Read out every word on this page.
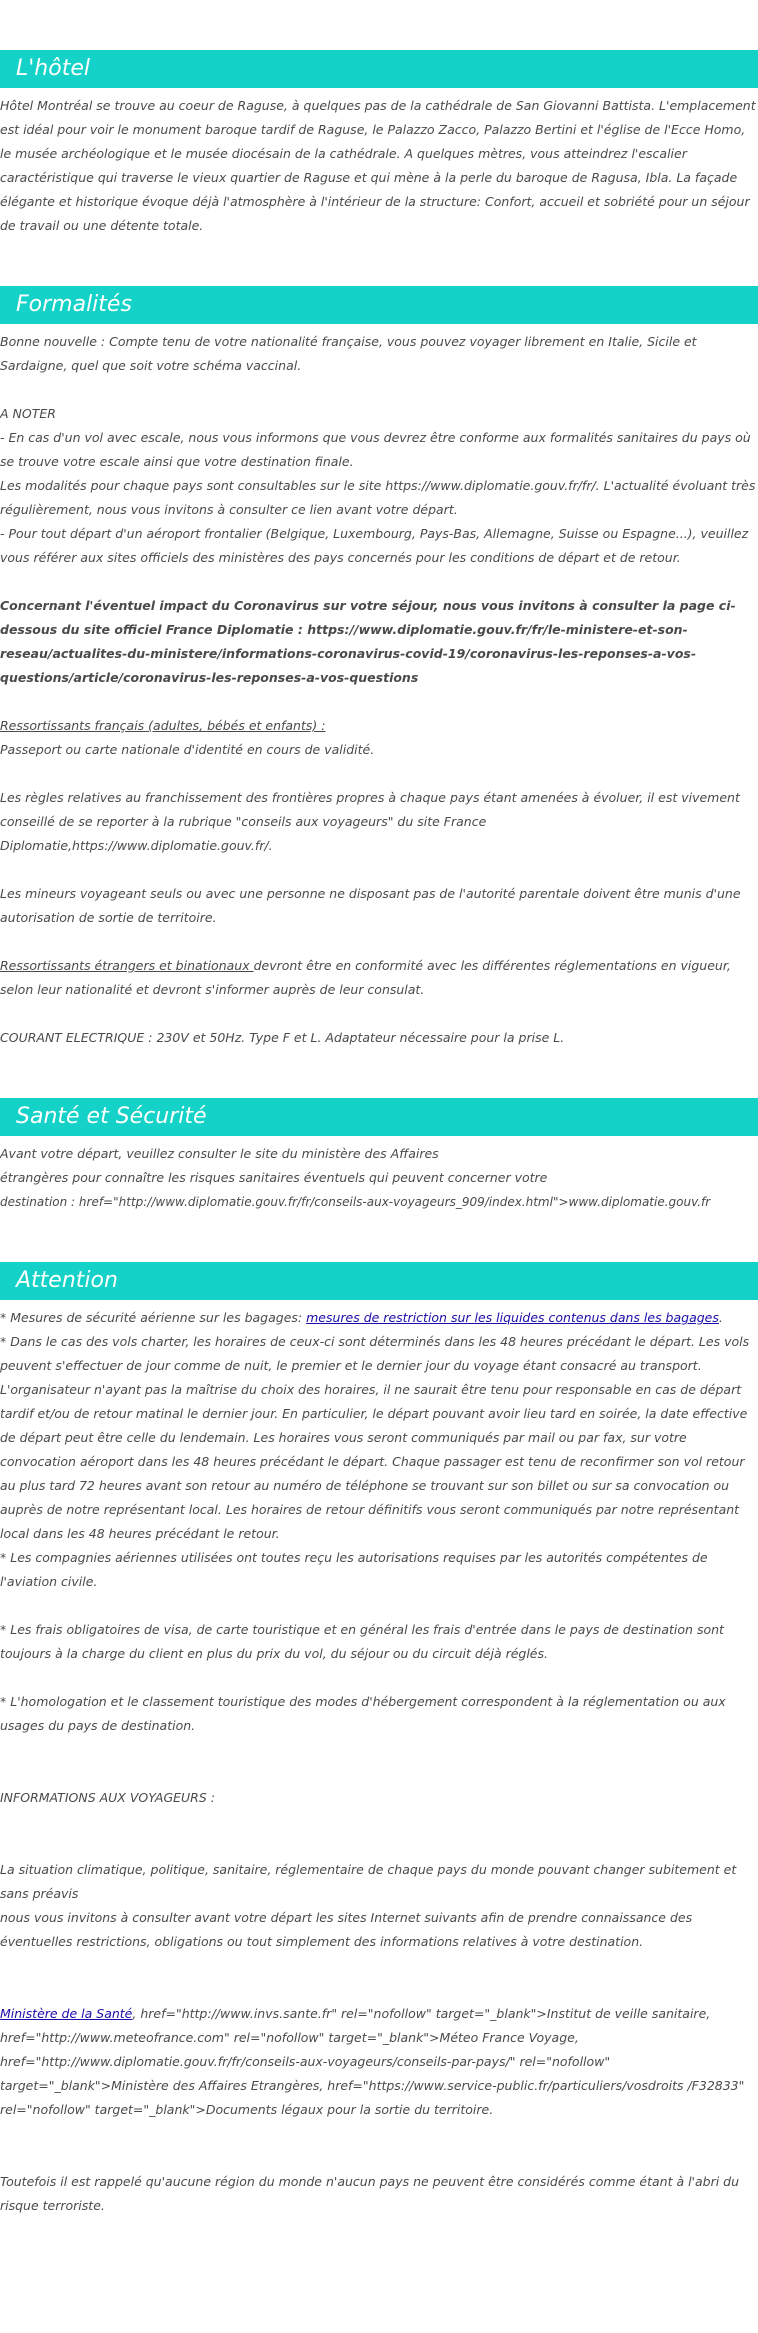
L'hôtel

Hôtel Montréal se trouve au coeur de Raguse, à quelques pas de la cathédrale de San Giovanni Battista. L'emplacement est idéal pour voir le monument baroque tardif de Raguse, le Palazzo Zacco, Palazzo Bertini et l'église de l'Ecce Homo, le musée archéologique et le musée diocésain de la cathédrale. A quelques mètres, vous atteindrez l'escalier caractéristique qui traverse le vieux quartier de Raguse et qui mène à la perle du baroque de Ragusa, Ibla. La façade élégante et historique évoque déjà l'atmosphère à l'intérieur de la structure: Confort, accueil et sobriété pour un séjour de travail ou une détente totale.

Formalités

Bonne nouvelle : Compte tenu de votre nationalité française, vous pouvez voyager librement en Italie, Sicile et Sardaigne, quel que soit votre schéma vaccinal.

A NOTER

- En cas d'un vol avec escale, nous vous informons que vous devrez être conforme aux formalités sanitaires du pays où se trouve votre escale ainsi que votre destination finale.

Les modalités pour chaque pays sont consultables sur le site https://www.diplomatie.gouv.fr/fr/. L'actualité évoluant très régulièrement, nous vous invitons à consulter ce lien avant votre départ.

- Pour tout départ d'un aéroport frontalier (Belgique, Luxembourg, Pays-Bas, Allemagne, Suisse ou Espagne...), veuillez vous référer aux sites officiels des ministères des pays concernés pour les conditions de départ et de retour.

Concernant l'éventuel impact du Coronavirus sur votre séjour, nous vous invitons à consulter la page ci-dessous du site officiel France Diplomatie : https://www.diplomatie.gouv.fr/fr/le-ministere-et-son-reseau/actualites-du-ministere/informations-coronavirus-covid-19/coronavirus-les-reponses-a-vos-questions/article/coronavirus-les-reponses-a-vos-questions

Ressortissants français (adultes, bébés et enfants) :

Passeport ou carte nationale d'identité en cours de validité.

Les règles relatives au franchissement des frontières propres à chaque pays étant amenées à évoluer, il est vivement conseillé de se reporter à la rubrique "conseils aux voyageurs" du site France Diplomatie,https://www.diplomatie.gouv.fr/.

Les mineurs voyageant seuls ou avec une personne ne disposant pas de l'autorité parentale doivent être munis d'une autorisation de sortie de territoire.

Ressortissants étrangers et binationaux devront être en conformité avec les différentes réglementations en vigueur, selon leur nationalité et devront s'informer auprès de leur consulat.

COURANT ELECTRIQUE : 230V et 50Hz. Type F et L. Adaptateur nécessaire pour la prise L.

Santé et Sécurité

Avant votre départ, veuillez consulter le site du ministère des Affaires

étrangères pour connaître les risques sanitaires éventuels qui peuvent concerner votre

destination : href="http://www.diplomatie.gouv.fr/fr/conseils-aux-voyageurs_909/index.html">www.diplomatie.gouv.fr

Attention

* Mesures de sécurité aérienne sur les bagages: mesures de restriction sur les liquides contenus dans les bagages.

* Dans le cas des vols charter, les horaires de ceux-ci sont déterminés dans les 48 heures précédant le départ. Les vols peuvent s'effectuer de jour comme de nuit, le premier et le dernier jour du voyage étant consacré au transport. L'organisateur n'ayant pas la maîtrise du choix des horaires, il ne saurait être tenu pour responsable en cas de départ tardif et/ou de retour matinal le dernier jour. En particulier, le départ pouvant avoir lieu tard en soirée, la date effective de départ peut être celle du lendemain. Les horaires vous seront communiqués par mail ou par fax, sur votre convocation aéroport dans les 48 heures précédant le départ. Chaque passager est tenu de reconfirmer son vol retour au plus tard 72 heures avant son retour au numéro de téléphone se trouvant sur son billet ou sur sa convocation ou auprès de notre représentant local. Les horaires de retour définitifs vous seront communiqués par notre représentant local dans les 48 heures précédant le retour.

* Les compagnies aériennes utilisées ont toutes reçu les autorisations requises par les autorités compétentes de l'aviation civile.

* Les frais obligatoires de visa, de carte touristique et en général les frais d'entrée dans le pays de destination sont toujours à la charge du client en plus du prix du vol, du séjour ou du circuit déjà réglés.

* L'homologation et le classement touristique des modes d'hébergement correspondent à la réglementation ou aux usages du pays de destination.

INFORMATIONS AUX VOYAGEURS :

La situation climatique, politique, sanitaire, réglementaire de chaque pays du monde pouvant changer subitement et sans préavis

nous vous invitons à consulter avant votre départ les sites Internet suivants afin de prendre connaissance des éventuelles restrictions, obligations ou tout simplement des informations relatives à votre destination.

Ministère de la Santé, href="http://www.invs.sante.fr" rel="nofollow" target="_blank">Institut de veille sanitaire, href="http://www.meteofrance.com" rel="nofollow" target="_blank">Méteo France Voyage, href="http://www.diplomatie.gouv.fr/fr/conseils-aux-voyageurs/conseils-par-pays/" rel="nofollow" target="_blank">Ministère des Affaires Etrangères, href="https://www.service-public.fr/particuliers/vosdroits /F32833" rel="nofollow" target="_blank">Documents légaux pour la sortie du territoire.

Toutefois il est rappelé qu'aucune région du monde n'aucun pays ne peuvent être considérés comme étant à l'abri du risque terroriste.
